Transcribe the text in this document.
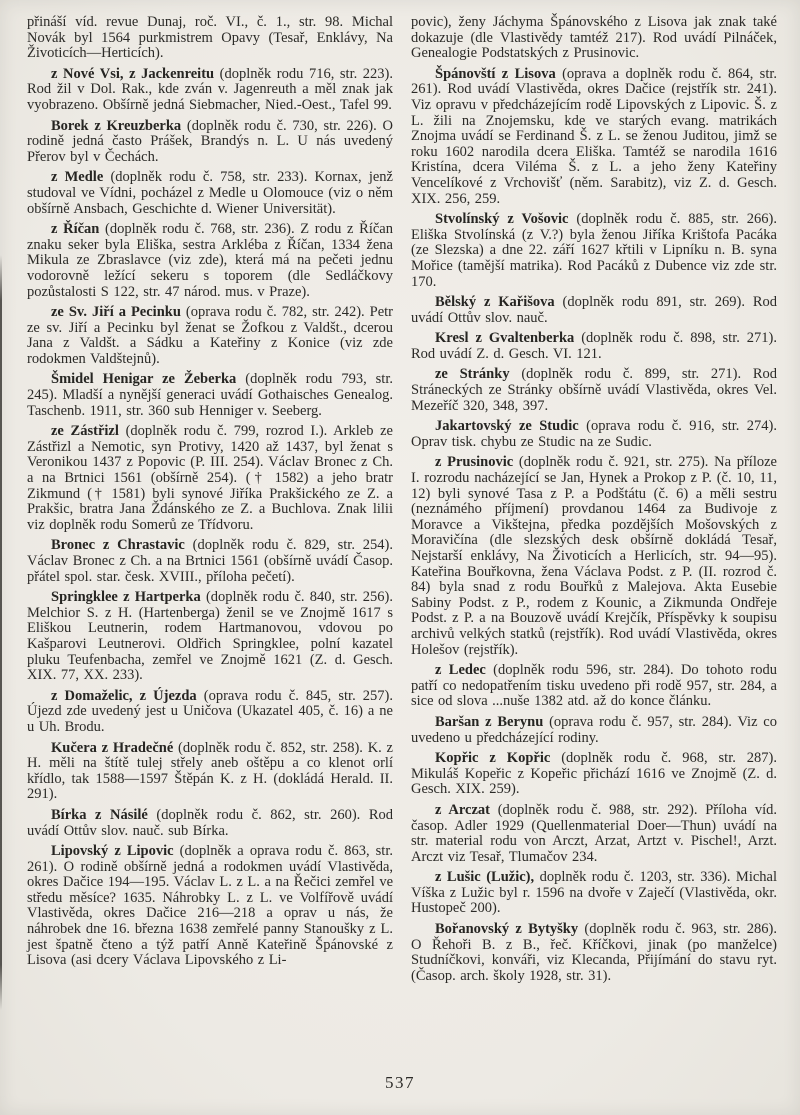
přináší víd. revue Dunaj, roč. VI., č. 1., str. 98. Michal Novák byl 1564 purkmistrem Opavy (Tesař, Enklávy, Na Životicích—Herticích).

z Nové Vsi, z Jackenreitu (doplněk rodu 716, str. 223). Rod žil v Dol. Rak., kde zván v. Jagenreuth a měl znak jak vyobrazeno. Obšírně jedná Siebmacher, Nied.-Oest., Tafel 99.

Borek z Kreuzberka (doplněk rodu č. 730, str. 226). O rodině jedná často Prášek, Brandýs n. L. U nás uvedený Přerov byl v Čechách.

z Medle (doplněk rodu č. 758, str. 233). Kornax, jenž studoval ve Vídni, pocházel z Medle u Olomouce (viz o něm obšírně Ansbach, Geschichte d. Wiener Universität).

z Říčan (doplněk rodu č. 768, str. 236). Z rodu z Říčan znaku seker byla Eliška, sestra Arkléba z Říčan, 1334 žena Mikula ze Zbraslavce (viz zde), která má na pečeti jednu vodorovně ležící sekeru s toporem (dle Sedláčkovy pozůstalosti S 122, str. 47 národ. mus. v Praze).

ze Sv. Jiří a Pecinku (oprava rodu č. 782, str. 242). Petr ze sv. Jiří a Pecinku byl ženat se Žofkou z Valdšt., dcerou Jana z Valdšt. a Sádku a Kateřiny z Konice (viz zde rodokmen Valdštejnů).

Šmidel Henigar ze Žeberka (doplněk rodu 793, str. 245). Mladší a nynější generaci uvádí Gothaisches Genealog. Taschenb. 1911, str. 360 sub Henniger v. Seeberg.

ze Zástřizl (doplněk rodu č. 799, rozrod I.). Arkleb ze Zástřizl a Nemotic, syn Protivy, 1420 až 1437, byl ženat s Veronikou 1437 z Popovic (P. III. 254). Václav Bronec z Ch. a na Brtnici 1561 (obšírně 254). († 1582) a jeho bratr Zikmund († 1581) byli synové Jiříka Prakšického ze Z. a Prakšic, bratra Jana Ždánského ze Z. a Buchlova. Znak lilii viz doplněk rodu Somerů ze Třídvoru.

Bronec z Chrastavic (doplněk rodu č. 829, str. 254). Václav Bronec z Ch. a na Brtnici 1561 (obšírně uvádí Časop. přátel spol. star. česk. XVIII., příloha pečetí).

Springklee z Hartperka (doplněk rodu č. 840, str. 256). Melchior S. z H. (Hartenberga) ženil se ve Znojmě 1617 s Eliškou Leutnerin, rodem Hartmanovou, vdovou po Kašparovi Leutnerovi. Oldřich Springklee, polní kazatel pluku Teufenbacha, zemřel ve Znojmě 1621 (Z. d. Gesch. XIX. 77, XX. 233).

z Domaželic, z Újezda (oprava rodu č. 845, str. 257). Újezd zde uvedený jest u Uničova (Ukazatel 405, č. 16) a ne u Uh. Brodu.

Kučera z Hradečné (doplněk rodu č. 852, str. 258). K. z H. měli na štítě tulej střely aneb oštěpu a co klenot orlí křídlo, tak 1588—1597 Štěpán K. z H. (dokládá Herald. II. 291).

Bírka z Násilé (doplněk rodu č. 862, str. 260). Rod uvádí Ottův slov. nauč. sub Bírka.

Lipovský z Lipovic (doplněk a oprava rodu č. 863, str. 261). O rodině obšírně jedná a rodokmen uvádí Vlastivěda, okres Dačice 194—195. Václav L. z L. a na Řečici zemřel ve středu měsíce? 1635. Náhrobky L. z L. ve Volfířově uvádí Vlastivěda, okres Dačice 216—218 a oprav u nás, že náhrobek dne 16. března 1638 zemřelé panny Stanoušky z L. jest špatně čteno a týž patří Anně Kateřině Špánovské z Lisova (asi dcery Václava Lipovského z Li-

povic), ženy Jáchyma Špánovského z Lisova jak znak také dokazuje (dle Vlastivědy tamtéž 217). Rod uvádí Pilnáček, Genealogie Podstatských z Prusinovic.

Špánovští z Lisova (oprava a doplněk rodu č. 864, str. 261). Rod uvádí Vlastivěda, okres Dačice (rejstřík str. 241). Viz opravu v předcházejícím rodě Lipovských z Lipovic. Š. z L. žili na Znojemsku, kde ve starých evang. matrikách Znojma uvádí se Ferdinand Š. z L. se ženou Juditou, jimž se roku 1602 narodila dcera Eliška. Tamtéž se narodila 1616 Kristína, dcera Viléma Š. z L. a jeho ženy Kateřiny Vencelíkové z Vrchovišť (něm. Sarabitz), viz Z. d. Gesch. XIX. 256, 259.

Stvolínský z Vošovic (doplněk rodu č. 885, str. 266). Eliška Stvolínská (z V.?) byla ženou Jiříka Krištofa Pacáka (ze Slezska) a dne 22. září 1627 křtili v Lipníku n. B. syna Mořice (tamější matrika). Rod Pacáků z Dubence viz zde str. 170.

Bělský z Kařišova (doplněk rodu 891, str. 269). Rod uvádí Ottův slov. nauč.

Kresl z Gvaltenberka (doplněk rodu č. 898, str. 271). Rod uvádí Z. d. Gesch. VI. 121.

ze Stránky (doplněk rodu č. 899, str. 271). Rod Stráneckých ze Stránky obšírně uvádí Vlastivěda, okres Vel. Mezeříč 320, 348, 397.

Jakartovský ze Studic (oprava rodu č. 916, str. 274). Oprav tisk. chybu ze Studic na ze Sudic.

z Prusinovic (doplněk rodu č. 921, str. 275). Na příloze I. rozrodu nacházející se Jan, Hynek a Prokop z P. (č. 10, 11, 12) byli synové Tasa z P. a Podštátu (č. 6) a měli sestru (neznámého příjmení) provdanou 1464 za Budivoje z Moravce a Vikštejna, předka pozdějších Mošovských z Moravičína (dle slezských desk obšírně dokládá Tesař, Nejstarší enklávy, Na Životicích a Herlicích, str. 94—95). Kateřina Bouřkovna, žena Václava Podst. z P. (II. rozrod č. 84) byla snad z rodu Bouřků z Malejova. Akta Eusebie Sabiny Podst. z P., rodem z Kounic, a Zikmunda Ondřeje Podst. z P. a na Bouzově uvádí Krejčík, Příspěvky k soupisu archivů velkých statků (rejstřík). Rod uvádí Vlastivěda, okres Holešov (rejstřík).

z Ledec (doplněk rodu 596, str. 284). Do tohoto rodu patří co nedopatřením tisku uvedeno při rodě 957, str. 284, a sice od slova ...nuše 1382 atd. až do konce článku.

Baršan z Berynu (oprava rodu č. 957, str. 284). Viz co uvedeno u předcházející rodiny.

Kopřic z Kopřic (doplněk rodu č. 968, str. 287). Mikuláš Kopeřic z Kopeřic přichází 1616 ve Znojmě (Z. d. Gesch. XIX. 259).

z Arczat (doplněk rodu č. 988, str. 292). Příloha víd. časop. Adler 1929 (Quellenmaterial Doer—Thun) uvádí na str. material rodu von Arczt, Arzat, Artzt v. Pischel!, Arzt. Arczt viz Tesař, Tlumačov 234.

z Lušic (Lužic), doplněk rodu č. 1203, str. 336). Michal Víška z Lužic byl r. 1596 na dvoře v Zaječí (Vlastivěda, okr. Hustopeč 200).

Bořanovský z Bytyšky (doplněk rodu č. 963, str. 286). O Řehoři B. z B., řeč. Kříčkovi, jinak (po manželce) Studníčkovi, konváři, viz Klecanda, Přijímání do stavu ryt. (Časop. arch. školy 1928, str. 31).

537
